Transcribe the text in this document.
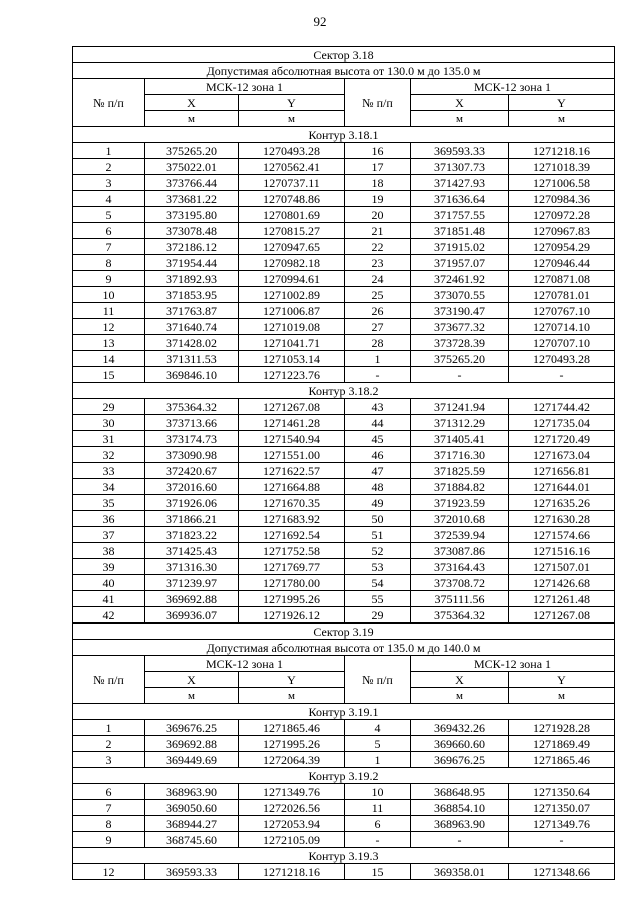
92
Сектор 3.18					
Допустимая абсолютная высота от 130.0 м до 135.0 м					
№ п/п	МСК-12 зона 1		№ п/п	МСК-12 зона 1	
	X	Y		X	Y
	м	м		м	м
Контур 3.18.1					
1	375265.20	1270493.28	16	369593.33	1271218.16
2	375022.01	1270562.41	17	371307.73	1271018.39
3	373766.44	1270737.11	18	371427.93	1271006.58
4	373681.22	1270748.86	19	371636.64	1270984.36
5	373195.80	1270801.69	20	371757.55	1270972.28
6	373078.48	1270815.27	21	371851.48	1270967.83
7	372186.12	1270947.65	22	371915.02	1270954.29
8	371954.44	1270982.18	23	371957.07	1270946.44
9	371892.93	1270994.61	24	372461.92	1270871.08
10	371853.95	1271002.89	25	373070.55	1270781.01
11	371763.87	1271006.87	26	373190.47	1270767.10
12	371640.74	1271019.08	27	373677.32	1270714.10
13	371428.02	1271041.71	28	373728.39	1270707.10
14	371311.53	1271053.14	1	375265.20	1270493.28
15	369846.10	1271223.76	-	-	-
Контур 3.18.2					
29	375364.32	1271267.08	43	371241.94	1271744.42
30	373713.66	1271461.28	44	371312.29	1271735.04
31	373174.73	1271540.94	45	371405.41	1271720.49
32	373090.98	1271551.00	46	371716.30	1271673.04
33	372420.67	1271622.57	47	371825.59	1271656.81
34	372016.60	1271664.88	48	371884.82	1271644.01
35	371926.06	1271670.35	49	371923.59	1271635.26
36	371866.21	1271683.92	50	372010.68	1271630.28
37	371823.22	1271692.54	51	372539.94	1271574.66
38	371425.43	1271752.58	52	373087.86	1271516.16
39	371316.30	1271769.77	53	373164.43	1271507.01
40	371239.97	1271780.00	54	373708.72	1271426.68
41	369692.88	1271995.26	55	375111.56	1271261.48
42	369936.07	1271926.12	29	375364.32	1271267.08
Сектор 3.19					
Допустимая абсолютная высота от 135.0 м до 140.0 м					
№ п/п	МСК-12 зона 1		№ п/п	МСК-12 зона 1	
	X	Y		X	Y
	м	м		м	м
Контур 3.19.1					
1	369676.25	1271865.46	4	369432.26	1271928.28
2	369692.88	1271995.26	5	369660.60	1271869.49
3	369449.69	1272064.39	1	369676.25	1271865.46
Контур 3.19.2					
6	368963.90	1271349.76	10	368648.95	1271350.64
7	369050.60	1272026.56	11	368854.10	1271350.07
8	368944.27	1272053.94	6	368963.90	1271349.76
9	368745.60	1272105.09	-	-	-
Контур 3.19.3					
12	369593.33	1271218.16	15	369358.01	1271348.66
